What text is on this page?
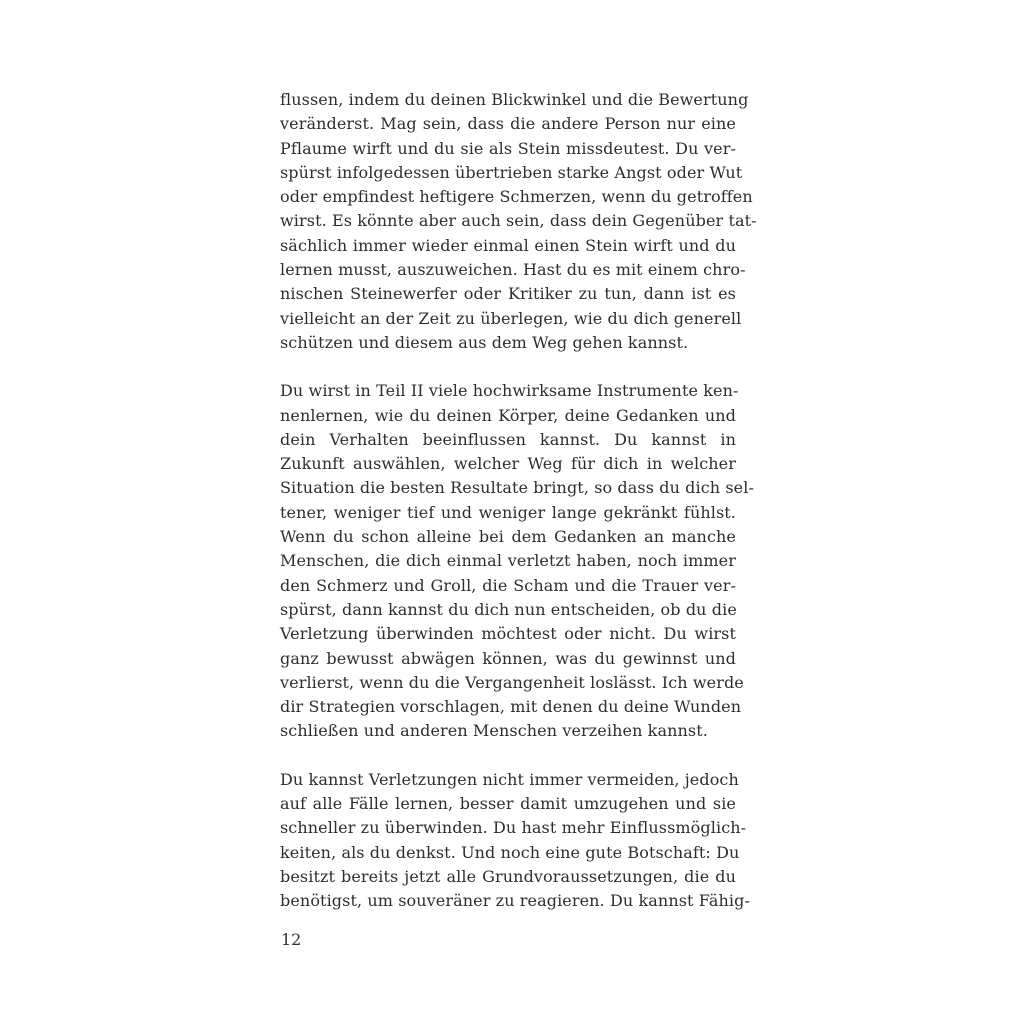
flussen, indem du deinen Blickwinkel und die Bewertung
veränderst. Mag sein, dass die andere Person nur eine
Pflaume wirft und du sie als Stein missdeutest. Du ver-
spürst infolgedessen übertrieben starke Angst oder Wut
oder empfindest heftigere Schmerzen, wenn du getroffen
wirst. Es könnte aber auch sein, dass dein Gegenüber tat-
sächlich immer wieder einmal einen Stein wirft und du
lernen musst, auszuweichen. Hast du es mit einem chro-
nischen Steinewerfer oder Kritiker zu tun, dann ist es
vielleicht an der Zeit zu überlegen, wie du dich generell
schützen und diesem aus dem Weg gehen kannst.
Du wirst in Teil II viele hochwirksame Instrumente ken-
nenlernen, wie du deinen Körper, deine Gedanken und
dein Verhalten beeinflussen kannst. Du kannst in
Zukunft auswählen, welcher Weg für dich in welcher
Situation die besten Resultate bringt, so dass du dich sel-
tener, weniger tief und weniger lange gekränkt fühlst.
Wenn du schon alleine bei dem Gedanken an manche
Menschen, die dich einmal verletzt haben, noch immer
den Schmerz und Groll, die Scham und die Trauer ver-
spürst, dann kannst du dich nun entscheiden, ob du die
Verletzung überwinden möchtest oder nicht. Du wirst
ganz bewusst abwägen können, was du gewinnst und
verlierst, wenn du die Vergangenheit loslässt. Ich werde
dir Strategien vorschlagen, mit denen du deine Wunden
schließen und anderen Menschen verzeihen kannst.
Du kannst Verletzungen nicht immer vermeiden, jedoch
auf alle Fälle lernen, besser damit umzugehen und sie
schneller zu überwinden. Du hast mehr Einflussmöglich-
keiten, als du denkst. Und noch eine gute Botschaft: Du
besitzt bereits jetzt alle Grundvoraussetzungen, die du
benötigst, um souveräner zu reagieren. Du kannst Fähig-
12
